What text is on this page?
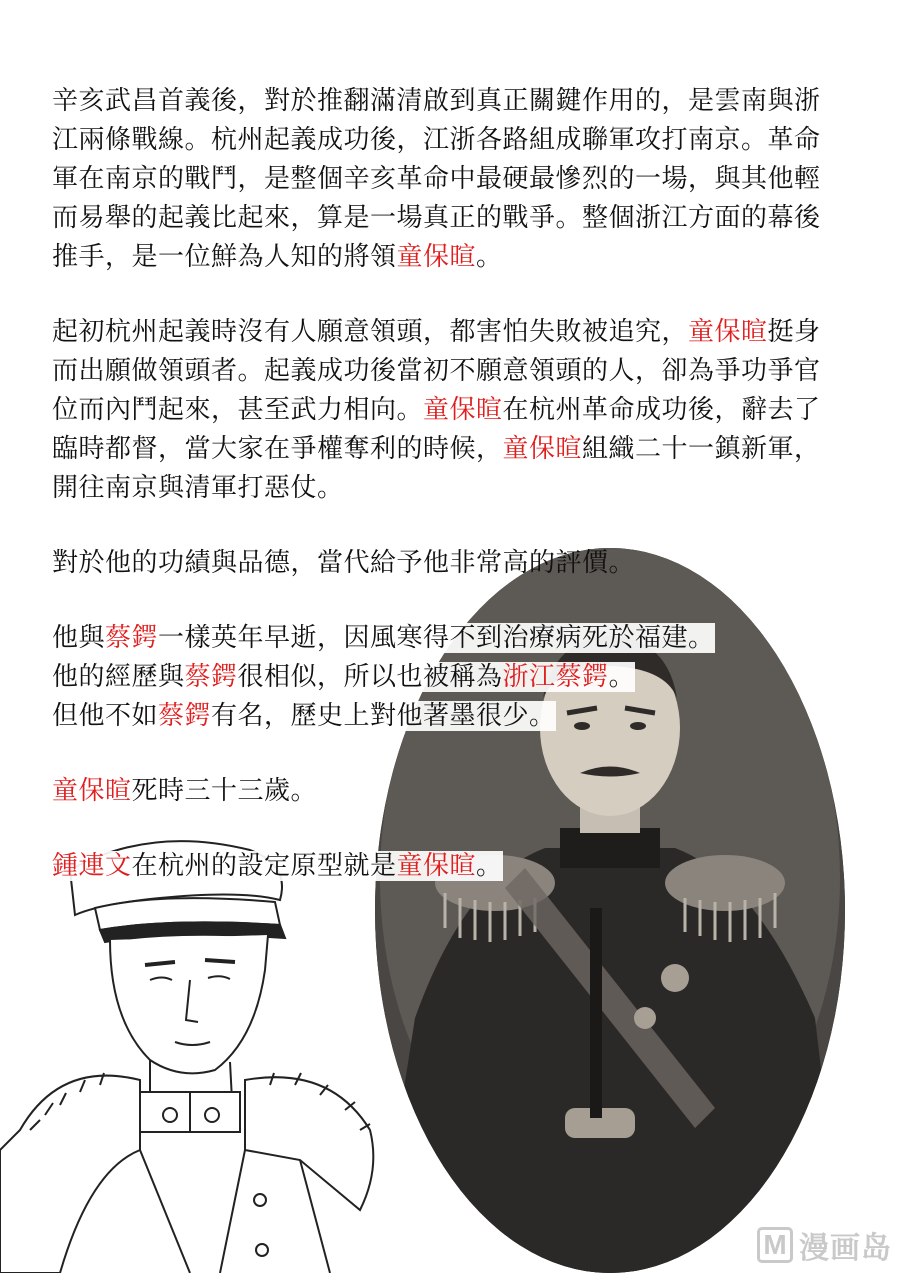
辛亥武昌首義後，對於推翻滿清啟到真正關鍵作用的，是雲南與浙
江兩條戰線。杭州起義成功後，江浙各路組成聯軍攻打南京。革命
軍在南京的戰鬥，是整個辛亥革命中最硬最慘烈的一場，與其他輕
而易舉的起義比起來，算是一場真正的戰爭。整個浙江方面的幕後
推手，是一位鮮為人知的將領童保暄。
起初杭州起義時沒有人願意領頭，都害怕失敗被追究，童保暄挺身
而出願做領頭者。起義成功後當初不願意領頭的人，卻為爭功爭官
位而內鬥起來，甚至武力相向。童保暄在杭州革命成功後，辭去了
臨時都督，當大家在爭權奪利的時候，童保暄組織二十一鎮新軍，
開往南京與清軍打惡仗。
對於他的功績與品德，當代給予他非常高的評價。
他與蔡鍔一樣英年早逝，因風寒得不到治療病死於福建。
他的經歷與蔡鍔很相似，所以也被稱為浙江蔡鍔。
但他不如蔡鍔有名，歷史上對他著墨很少。
童保暄死時三十三歲。
鍾連文在杭州的設定原型就是童保暄。
M 漫画岛
